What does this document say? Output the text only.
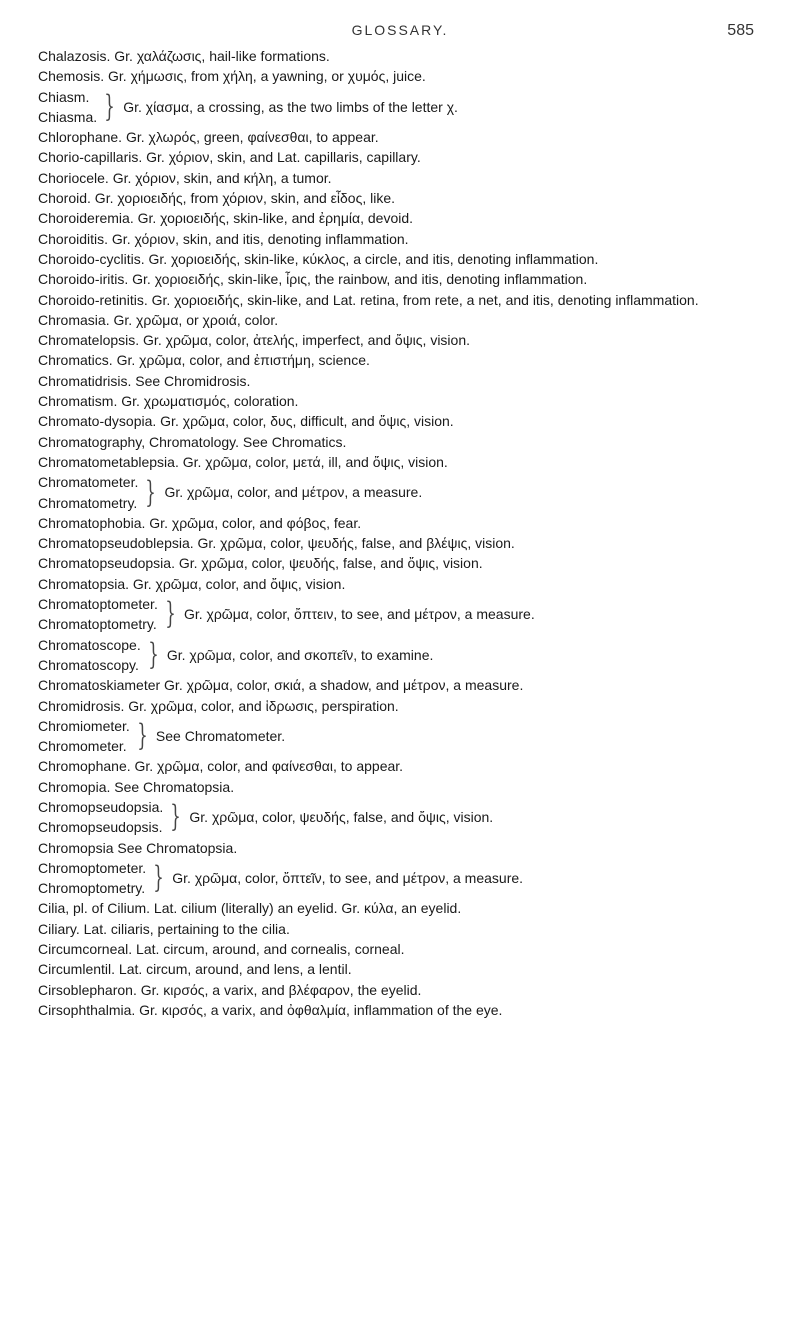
GLOSSARY.	585
Chalazosis. Gr. χαλάζωσις, hail-like formations.
Chemosis. Gr. χήμωσις, from χήλη, a yawning, or χυμός, juice.
Chiasm.
Chiasma. } Gr. χίασμα, a crossing, as the two limbs of the letter χ.
Chlorophane. Gr. χλωρός, green, φαίνεσθαι, to appear.
Chorio-capillaris. Gr. χόριον, skin, and Lat. capillaris, capillary.
Choriocele. Gr. χόριον, skin, and κήλη, a tumor.
Choroid. Gr. χοριοειδής, from χόριον, skin, and εἶδος, like.
Choroideremia. Gr. χοριοειδής, skin-like, and ἐρημία, devoid.
Choroiditis. Gr. χόριον, skin, and itis, denoting inflammation.
Choroido-cyclitis. Gr. χοριοειδής, skin-like, κύκλος, a circle, and itis, denoting inflammation.
Choroido-iritis. Gr. χοριοειδής, skin-like, ἶρις, the rainbow, and itis, denoting inflammation.
Choroido-retinitis. Gr. χοριοειδής, skin-like, and Lat. retina, from rete, a net, and itis, denoting inflammation.
Chromasia. Gr. χρῶμα, or χροιά, color.
Chromatelopsis. Gr. χρῶμα, color, ἀτελής, imperfect, and ὄψις, vision.
Chromatics. Gr. χρῶμα, color, and ἐπιστήμη, science.
Chromatidrisis. See Chromidrosis.
Chromatism. Gr. χρωματισμός, coloration.
Chromato-dysopia. Gr. χρῶμα, color, δυς, difficult, and ὄψις, vision.
Chromatography, Chromatology. See Chromatics.
Chromatometablepsia. Gr. χρῶμα, color, μετά, ill, and ὄψις, vision.
Chromatometer.
Chromatometry. } Gr. χρῶμα, color, and μέτρον, a measure.
Chromatophobia. Gr. χρῶμα, color, and φόβος, fear.
Chromatopseudoblepsia. Gr. χρῶμα, color, ψευδής, false, and βλέψις, vision.
Chromatopseudopsia. Gr. χρῶμα, color, ψευδής, false, and ὄψις, vision.
Chromatopsia. Gr. χρῶμα, color, and ὄψις, vision.
Chromatoptometer.
Chromatoptometry. } Gr. χρῶμα, color, ὄπτειν, to see, and μέτρον, a measure.
Chromatoscope.
Chromatoscopy. } Gr. χρῶμα, color, and σκοπεῖν, to examine.
Chromatoskiameter Gr. χρῶμα, color, σκιά, a shadow, and μέτρον, a measure.
Chromidrosis. Gr. χρῶμα, color, and ἱδρωσις, perspiration.
Chromiometer.
Chromometer. } See Chromatometer.
Chromophane. Gr. χρῶμα, color, and φαίνεσθαι, to appear.
Chromopia. See Chromatopsia.
Chromopseudopsia.
Chromopseudopsis. } Gr. χρῶμα, color, ψευδής, false, and ὄψις, vision.
Chromopsia See Chromatopsia.
Chromoptometer.
Chromoptometry. } Gr. χρῶμα, color, ὄπτεῖν, to see, and μέτρον, a measure.
Cilia, pl. of Cilium. Lat. cilium (literally) an eyelid. Gr. κύλα, an eyelid.
Ciliary. Lat. ciliaris, pertaining to the cilia.
Circumcorneal. Lat. circum, around, and cornealis, corneal.
Circumlentil. Lat. circum, around, and lens, a lentil.
Cirsoblepharon. Gr. κιρσός, a varix, and βλέφαρον, the eyelid.
Cirsophthalmia. Gr. κιρσός, a varix, and ὀφθαλμία, inflammation of the eye.
